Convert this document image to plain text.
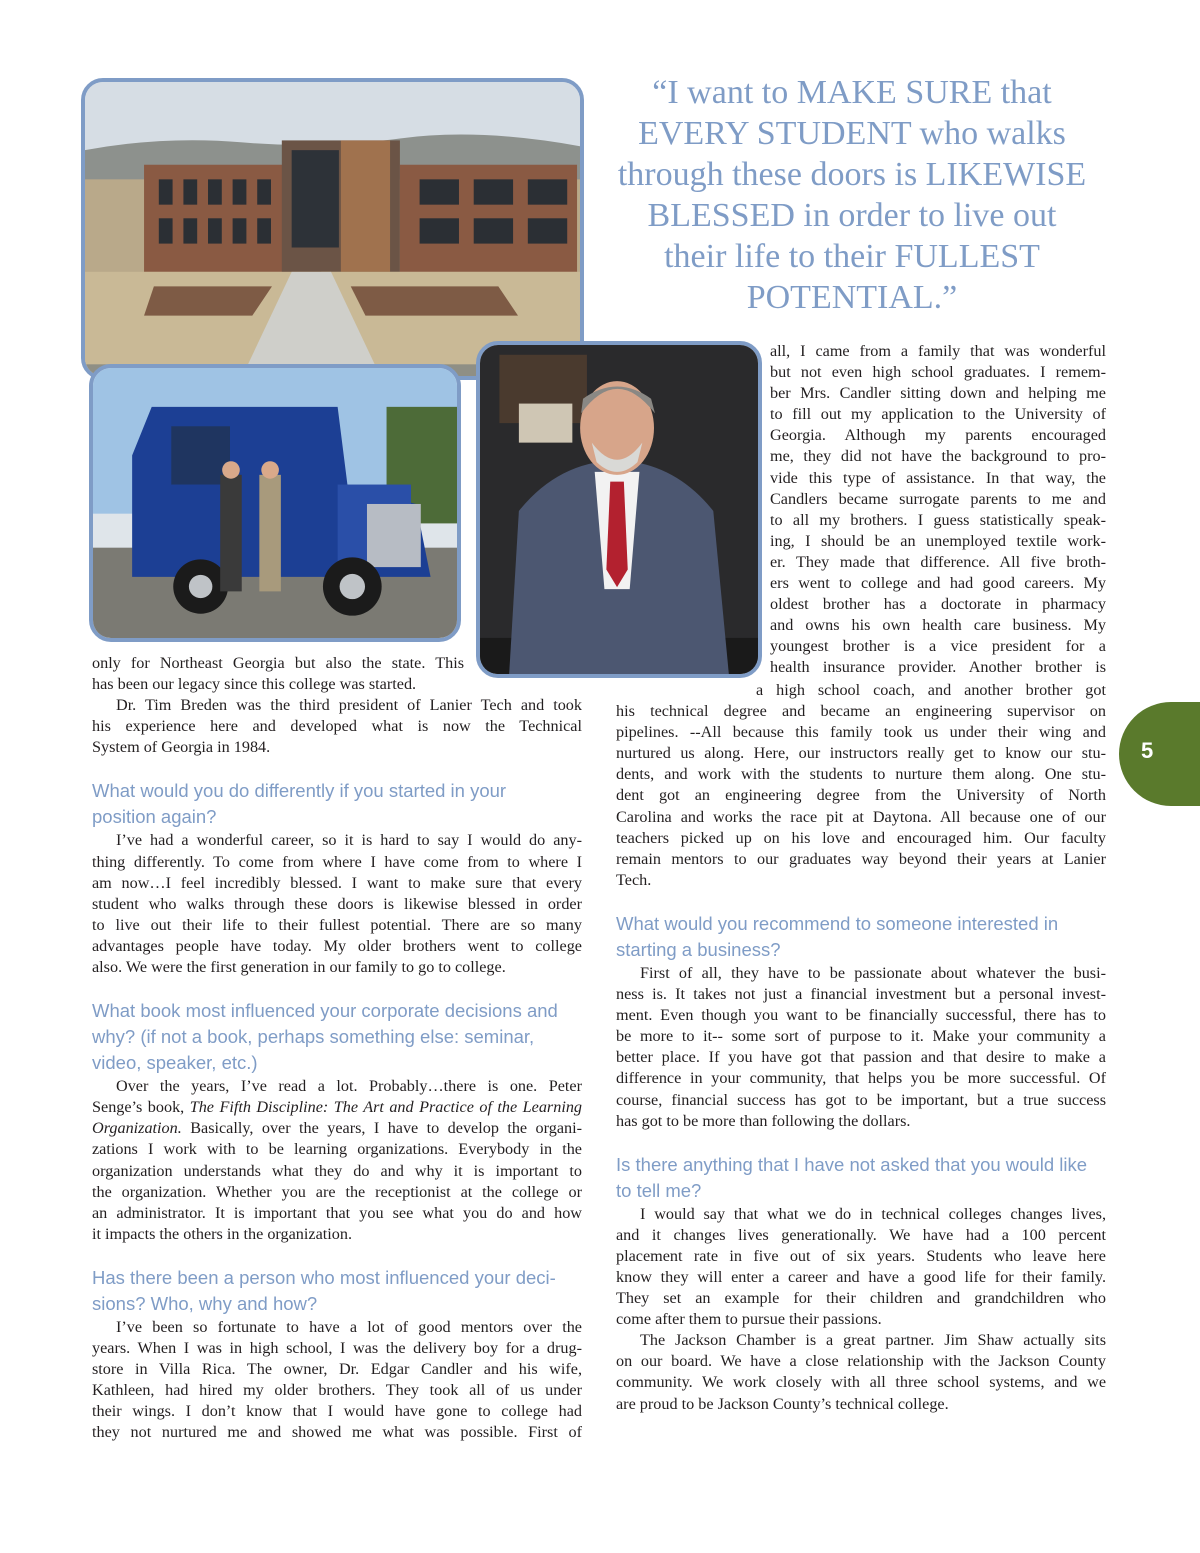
“I want to MAKE SURE that
EVERY STUDENT who walks
through these doors is LIKEWISE
BLESSED in order to live out
their life to their FULLEST
POTENTIAL.”

only for Northeast Georgia but also the state. This
has been our legacy since this college was started.
Dr. Tim Breden was the third president of Lanier Tech and took
his experience here and developed what is now the Technical
System of Georgia in 1984.
What would you do differently if you started in your
position again?
I’ve had a wonderful career, so it is hard to say I would do any-
thing differently. To come from where I have come from to where I
am now…I feel incredibly blessed. I want to make sure that every
student who walks through these doors is likewise blessed in order
to live out their life to their fullest potential. There are so many
advantages people have today. My older brothers went to college
also. We were the first generation in our family to go to college.
What book most influenced your corporate decisions and
why? (if not a book, perhaps something else: seminar,
video, speaker, etc.)
Over the years, I’ve read a lot. Probably…there is one. Peter
Senge’s book, The Fifth Discipline: The Art and Practice of the Learning
Organization. Basically, over the years, I have to develop the organi-
zations I work with to be learning organizations. Everybody in the
organization understands what they do and why it is important to
the organization. Whether you are the receptionist at the college or
an administrator. It is important that you see what you do and how
it impacts the others in the organization.
Has there been a person who most influenced your deci-
sions? Who, why and how?
I’ve been so fortunate to have a lot of good mentors over the
years. When I was in high school, I was the delivery boy for a drug-
store in Villa Rica. The owner, Dr. Edgar Candler and his wife,
Kathleen, had hired my older brothers. They took all of us under
their wings. I don’t know that I would have gone to college had
they not nurtured me and showed me what was possible. First of
all, I came from a family that was wonderful
but not even high school graduates. I remem-
ber Mrs. Candler sitting down and helping me
to fill out my application to the University of
Georgia. Although my parents encouraged
me, they did not have the background to pro-
vide this type of assistance. In that way, the
Candlers became surrogate parents to me and
to all my brothers. I guess statistically speak-
ing, I should be an unemployed textile work-
er. They made that difference. All five broth-
ers went to college and had good careers. My
oldest brother has a doctorate in pharmacy
and owns his own health care business. My
youngest brother is a vice president for a
health insurance provider. Another brother is
a high school coach, and another brother got
his technical degree and became an engineering supervisor on
pipelines. --All because this family took us under their wing and
nurtured us along. Here, our instructors really get to know our stu-
dents, and work with the students to nurture them along. One stu-
dent got an engineering degree from the University of North
Carolina and works the race pit at Daytona. All because one of our
teachers picked up on his love and encouraged him. Our faculty
remain mentors to our graduates way beyond their years at Lanier
Tech.
What would you recommend to someone interested in
starting a business?
First of all, they have to be passionate about whatever the busi-
ness is. It takes not just a financial investment but a personal invest-
ment. Even though you want to be financially successful, there has to
be more to it-- some sort of purpose to it. Make your community a
better place. If you have got that passion and that desire to make a
difference in your community, that helps you be more successful. Of
course, financial success has got to be important, but a true success
has got to be more than following the dollars.
Is there anything that I have not asked that you would like
to tell me?
I would say that what we do in technical colleges changes lives,
and it changes lives generationally. We have had a 100 percent
placement rate in five out of six years. Students who leave here
know they will enter a career and have a good life for their family.
They set an example for their children and grandchildren who
come after them to pursue their passions.
The Jackson Chamber is a great partner. Jim Shaw actually sits
on our board. We have a close relationship with the Jackson County
community. We work closely with all three school systems, and we
are proud to be Jackson County’s technical college.
5
